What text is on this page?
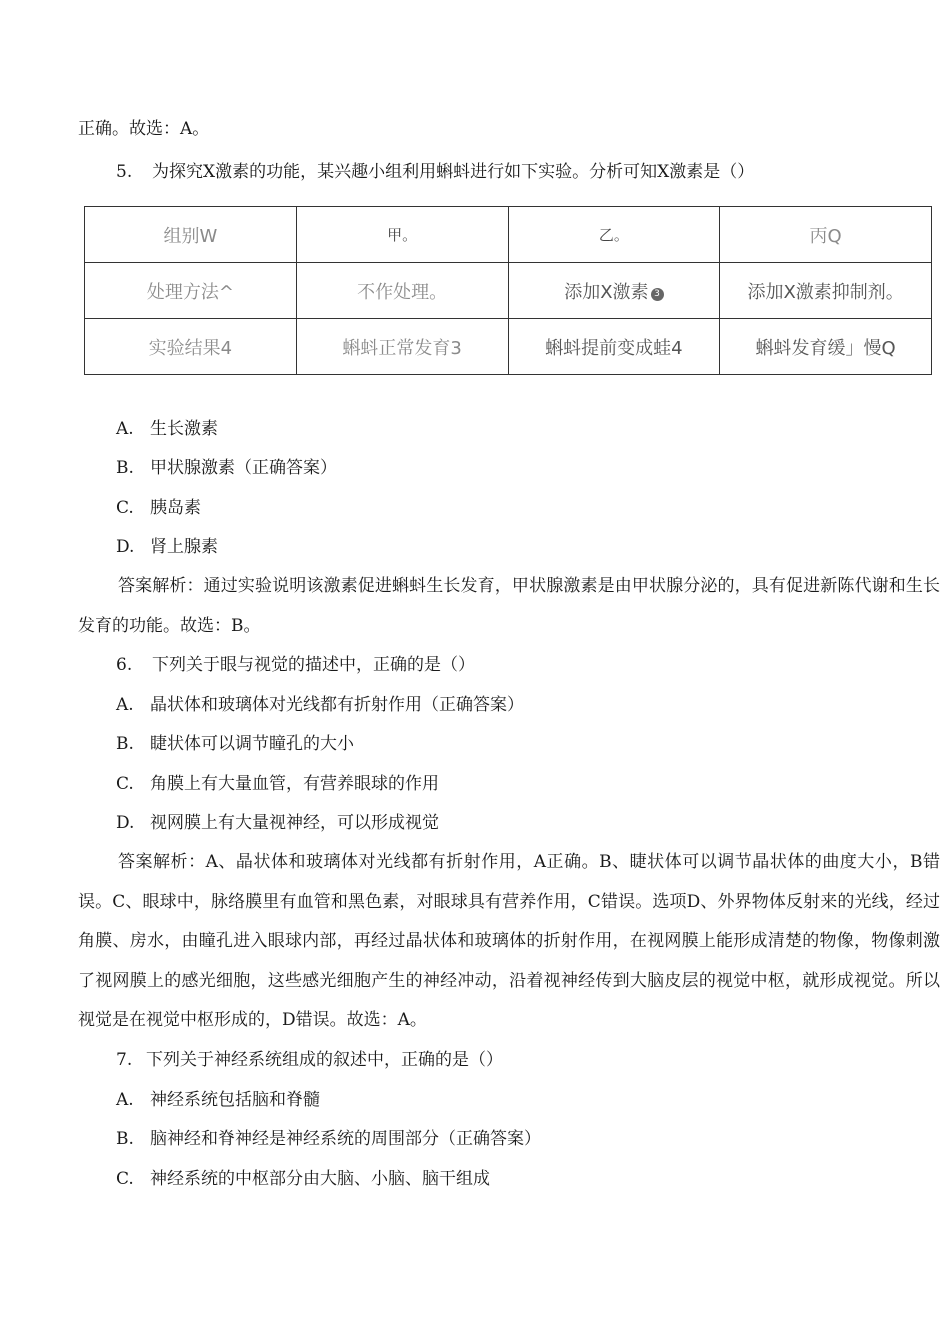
正确。故选：A。
5. 为探究X激素的功能，某兴趣小组利用蝌蚪进行如下实验。分析可知X激素是（）
组别W	甲。	乙。	丙Q
处理方法^	不作处理。	添加X激素 3	添加X激素抑制剂。
实验结果4	蝌蚪正常发育3	蝌蚪提前变成蛙4	蝌蚪发育缓」慢Q
A. 生长激素
B. 甲状腺激素（正确答案）
C. 胰岛素
D. 肾上腺素
答案解析：通过实验说明该激素促进蝌蚪生长发育，甲状腺激素是由甲状腺分泌的，具有促进新陈代谢和生长发育的功能。故选：B。
6. 下列关于眼与视觉的描述中，正确的是（）
A. 晶状体和玻璃体对光线都有折射作用（正确答案）
B. 睫状体可以调节瞳孔的大小
C. 角膜上有大量血管，有营养眼球的作用
D. 视网膜上有大量视神经，可以形成视觉
答案解析：A、晶状体和玻璃体对光线都有折射作用，A正确。B、睫状体可以调节晶状体的曲度大小，B错误。C、眼球中，脉络膜里有血管和黑色素，对眼球具有营养作用，C错误。选项D、外界物体反射来的光线，经过角膜、房水，由瞳孔进入眼球内部，再经过晶状体和玻璃体的折射作用，在视网膜上能形成清楚的物像，物像刺激了视网膜上的感光细胞，这些感光细胞产生的神经冲动，沿着视神经传到大脑皮层的视觉中枢，就形成视觉。所以视觉是在视觉中枢形成的，D错误。故选：A。
7. 下列关于神经系统组成的叙述中，正确的是（）
A. 神经系统包括脑和脊髓
B. 脑神经和脊神经是神经系统的周围部分（正确答案）
C. 神经系统的中枢部分由大脑、小脑、脑干组成
